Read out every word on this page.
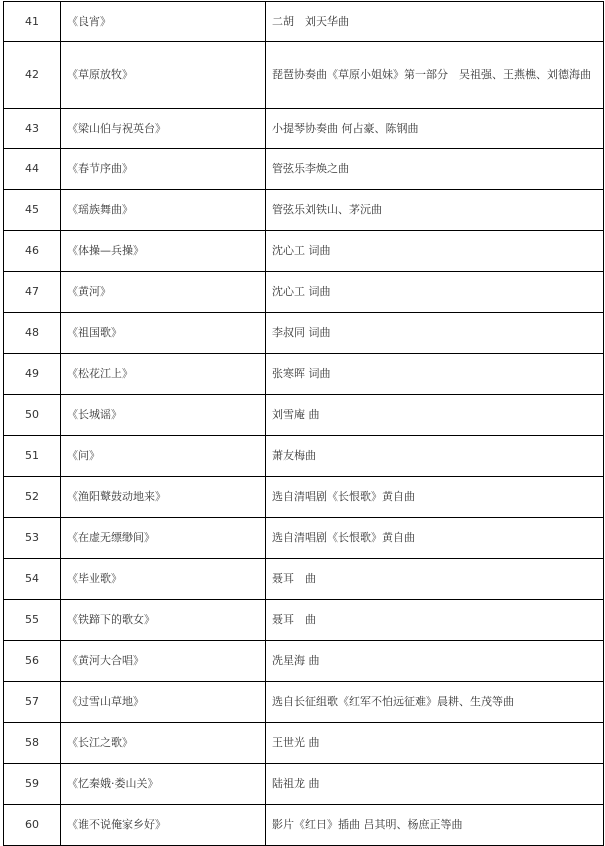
41	《良宵》	二胡　刘天华曲
42	《草原放牧》	琵琶协奏曲《草原小姐妹》第一部分　吴祖强、王燕樵、刘德海曲
43	《梁山伯与祝英台》	小提琴协奏曲 何占豪、陈钢曲
44	《春节序曲》	管弦乐李焕之曲
45	《瑶族舞曲》	管弦乐刘铁山、茅沅曲
46	《体操—兵操》	沈心工 词曲
47	《黄河》	沈心工 词曲
48	《祖国歌》	李叔同 词曲
49	《松花江上》	张寒晖 词曲
50	《长城谣》	刘雪庵 曲
51	《问》	萧友梅曲
52	《渔阳鼙鼓动地来》	选自清唱剧《长恨歌》黄自曲
53	《在虚无缥缈间》	选自清唱剧《长恨歌》黄自曲
54	《毕业歌》	聂耳　曲
55	《铁蹄下的歌女》	聂耳　曲
56	《黄河大合唱》	冼星海 曲
57	《过雪山草地》	选自长征组歌《红军不怕远征难》晨耕、生茂等曲
58	《长江之歌》	王世光 曲
59	《忆秦娥·娄山关》	陆祖龙 曲
60	《谁不说俺家乡好》	影片《红日》插曲 吕其明、杨庶正等曲
